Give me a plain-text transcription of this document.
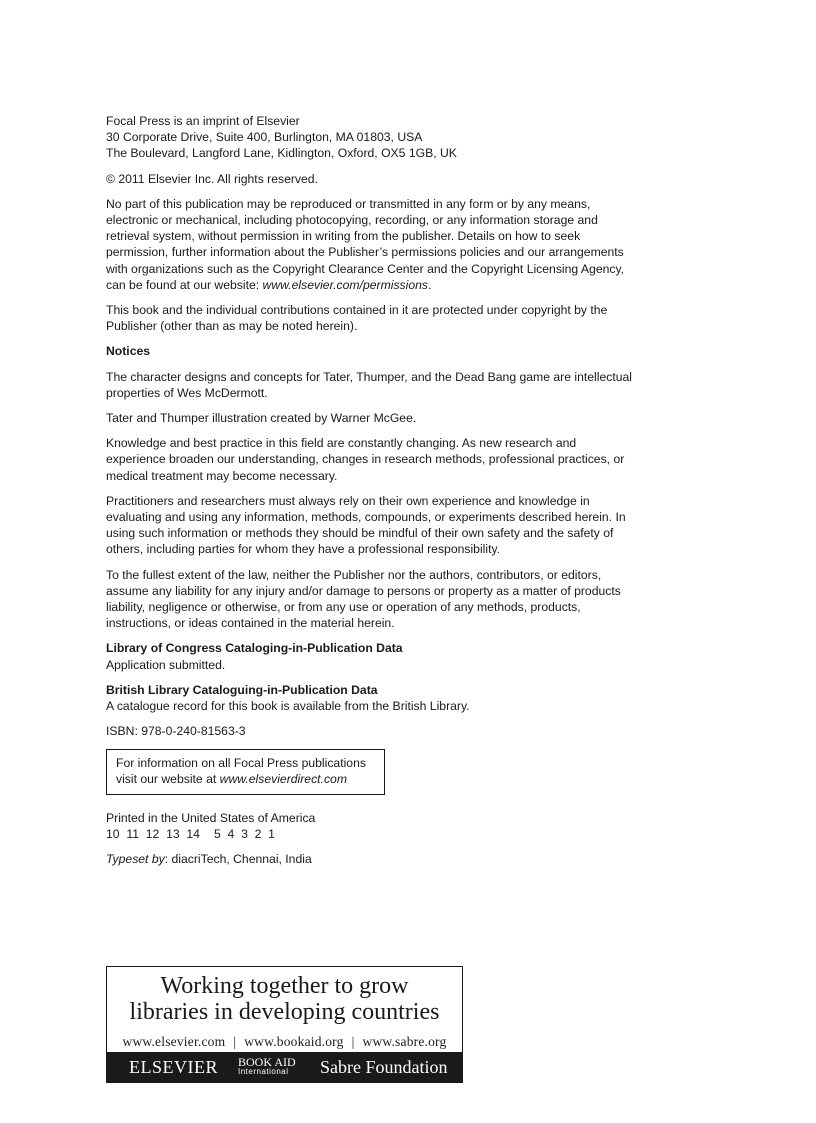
Focal Press is an imprint of Elsevier

30 Corporate Drive, Suite 400, Burlington, MA 01803, USA

The Boulevard, Langford Lane, Kidlington, Oxford, OX5 1GB, UK

© 2011 Elsevier Inc. All rights reserved.

No part of this publication may be reproduced or transmitted in any form or by any means, electronic or mechanical, including photocopying, recording, or any information storage and retrieval system, without permission in writing from the publisher. Details on how to seek permission, further information about the Publisher’s permissions policies and our arrangements with organizations such as the Copyright Clearance Center and the Copyright Licensing Agency, can be found at our website: www.elsevier.com/permissions.

This book and the individual contributions contained in it are protected under copyright by the Publisher (other than as may be noted herein).

Notices

The character designs and concepts for Tater, Thumper, and the Dead Bang game are intellectual properties of Wes McDermott.

Tater and Thumper illustration created by Warner McGee.

Knowledge and best practice in this field are constantly changing. As new research and experience broaden our understanding, changes in research methods, professional practices, or medical treatment may become necessary.

Practitioners and researchers must always rely on their own experience and knowledge in evaluating and using any information, methods, compounds, or experiments described herein. In using such information or methods they should be mindful of their own safety and the safety of others, including parties for whom they have a professional responsibility.

To the fullest extent of the law, neither the Publisher nor the authors, contributors, or editors, assume any liability for any injury and/or damage to persons or property as a matter of products liability, negligence or otherwise, or from any use or operation of any methods, products, instructions, or ideas contained in the material herein.

Library of Congress Cataloging-in-Publication Data

Application submitted.

British Library Cataloguing-in-Publication Data

A catalogue record for this book is available from the British Library.

ISBN: 978-0-240-81563-3

For information on all Focal Press publications

visit our website at www.elsevierdirect.com

Printed in the United States of America

10  11  12  13  14 5  4  3  2  1

Typeset by: diacriTech, Chennai, India

Working together to grow
libraries in developing countries
www.elsevier.com | www.bookaid.org | www.sabre.org
ELSEVIER	BOOK AID
International	Sabre Foundation
